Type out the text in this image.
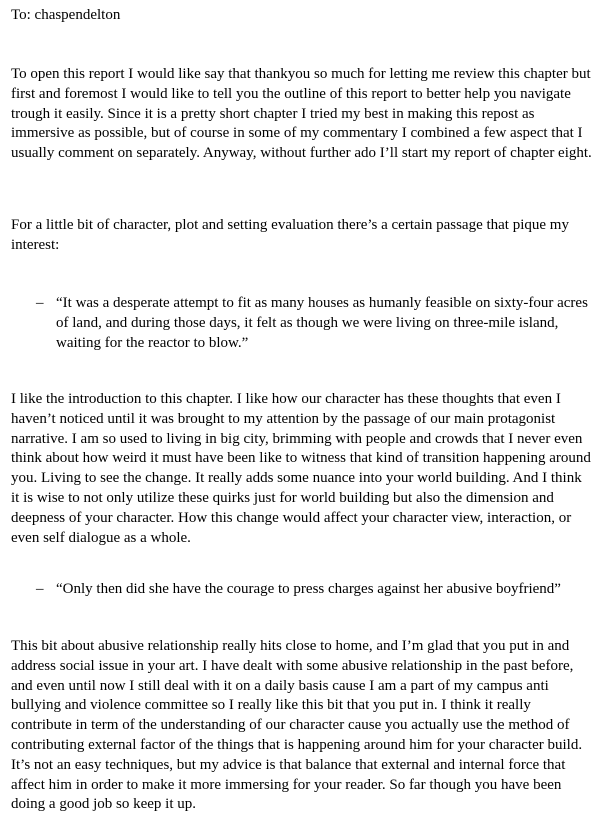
To: chaspendelton

To open this report I would like say that thankyou so much for letting me review this chapter but first and foremost I would like to tell you the outline of this report to better help you navigate trough it easily. Since it is a pretty short chapter I tried my best in making this repost as immersive as possible, but of course in some of my commentary I combined a few aspect that I usually comment on separately. Anyway, without further ado I’ll start my report of chapter eight.

For a little bit of character, plot and setting evaluation there’s a certain passage that pique my interest:

– “It was a desperate attempt to fit as many houses as humanly feasible on sixty-four acres of land, and during those days, it felt as though we were living on three-mile island, waiting for the reactor to blow.”

I like the introduction to this chapter. I like how our character has these thoughts that even I haven’t noticed until it was brought to my attention by the passage of our main protagonist narrative. I am so used to living in big city, brimming with people and crowds that I never even think about how weird it must have been like to witness that kind of transition happening around you. Living to see the change. It really adds some nuance into your world building. And I think it is wise to not only utilize these quirks just for world building but also the dimension and deepness of your character. How this change would affect your character view, interaction, or even self dialogue as a whole.

– “Only then did she have the courage to press charges against her abusive boyfriend”

This bit about abusive relationship really hits close to home, and I’m glad that you put in and address social issue in your art. I have dealt with some abusive relationship in the past before, and even until now I still deal with it on a daily basis cause I am a part of my campus anti bullying and violence committee so I really like this bit that you put in. I think it really contribute in term of the understanding of our character cause you actually use the method of contributing external factor of the things that is happening around him for your character build. It’s not an easy techniques, but my advice is that balance that external and internal force that affect him in order to make it more immersing for your reader. So far though you have been doing a good job so keep it up.
